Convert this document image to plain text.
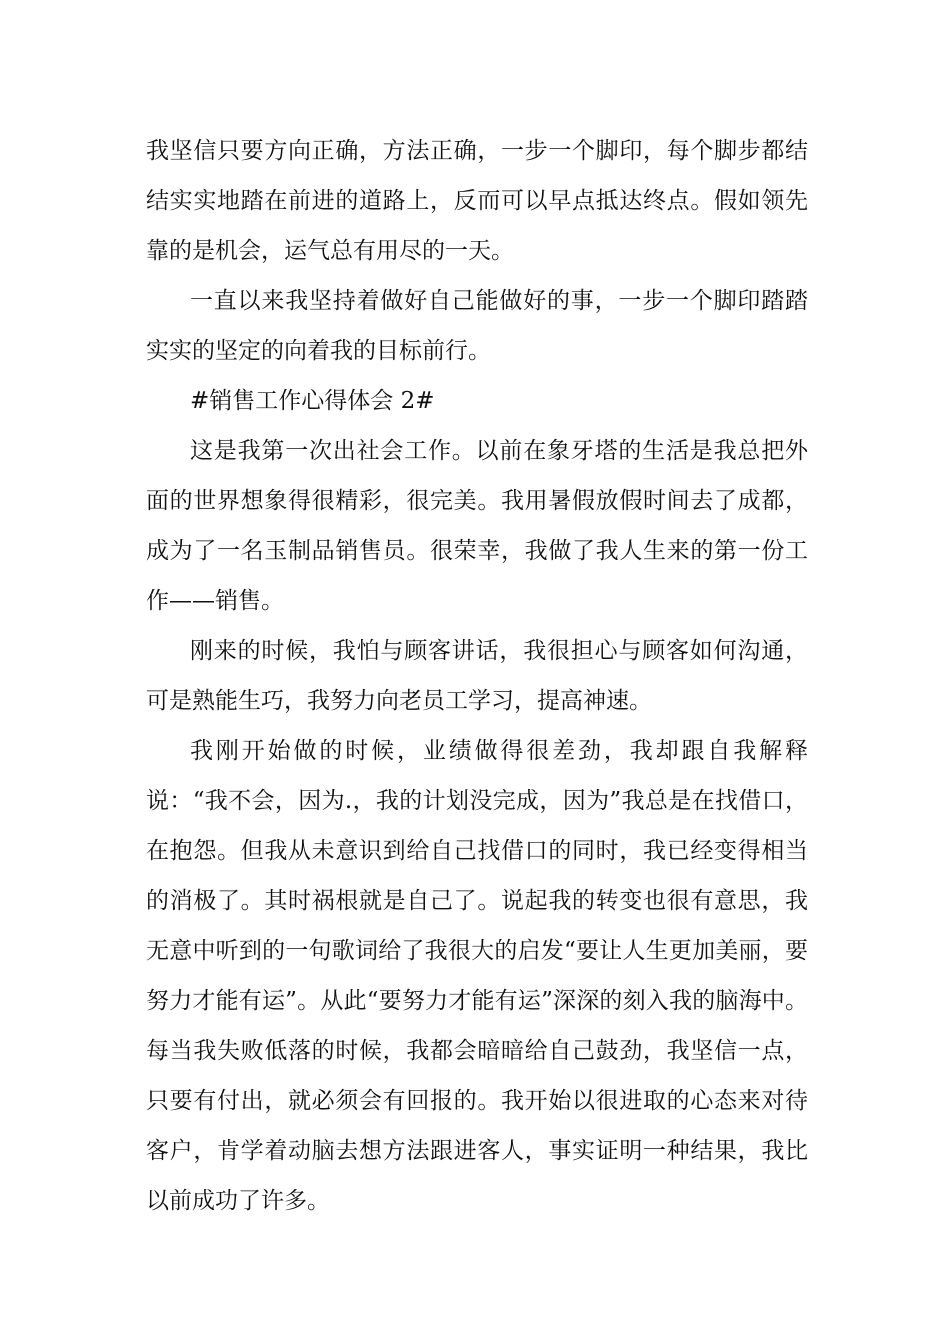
我坚信只要方向正确，方法正确，一步一个脚印，每个脚步都结结实实地踏在前进的道路上，反而可以早点抵达终点。假如领先靠的是机会，运气总有用尽的一天。

一直以来我坚持着做好自己能做好的事，一步一个脚印踏踏实实的坚定的向着我的目标前行。

#销售工作心得体会 2#

这是我第一次出社会工作。以前在象牙塔的生活是我总把外面的世界想象得很精彩，很完美。我用暑假放假时间去了成都，成为了一名玉制品销售员。很荣幸，我做了我人生来的第一份工作——销售。

刚来的时候，我怕与顾客讲话，我很担心与顾客如何沟通，可是熟能生巧，我努力向老员工学习，提高神速。

我刚开始做的时候，业绩做得很差劲，我却跟自我解释说：“我不会，因为.，我的计划没完成，因为”我总是在找借口，在抱怨。但我从未意识到给自己找借口的同时，我已经变得相当的消极了。其时祸根就是自己了。说起我的转变也很有意思，我无意中听到的一句歌词给了我很大的启发“要让人生更加美丽，要努力才能有运”。从此“要努力才能有运”深深的刻入我的脑海中。每当我失败低落的时候，我都会暗暗给自己鼓劲，我坚信一点，只要有付出，就必须会有回报的。我开始以很进取的心态来对待客户，肯学着动脑去想方法跟进客人，事实证明一种结果，我比以前成功了许多。
